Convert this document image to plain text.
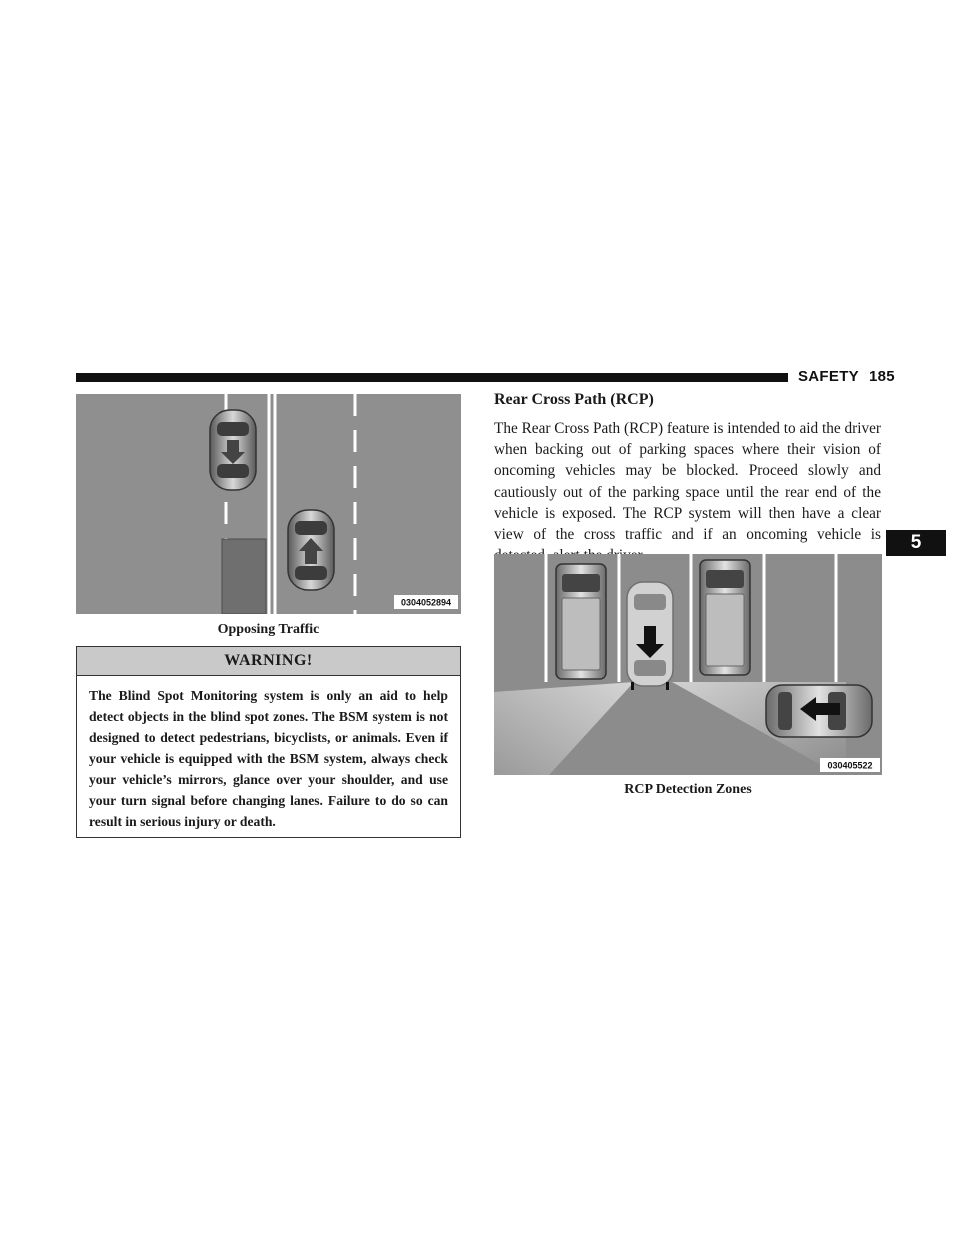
SAFETY 185
5
0304052894
Opposing Traffic
WARNING!
The Blind Spot Monitoring system is only an aid to help detect objects in the blind spot zones. The BSM system is not designed to detect pedestrians, bicyclists, or animals. Even if your vehicle is equipped with the BSM system, always check your vehicle’s mirrors, glance over your shoulder, and use your turn signal before changing lanes. Failure to do so can result in serious injury or death.
Rear Cross Path (RCP)
The Rear Cross Path (RCP) feature is intended to aid the driver when backing out of parking spaces where their vision of oncoming vehicles may be blocked. Proceed slowly and cautiously out of the parking space until the rear end of the vehicle is exposed. The RCP system will then have a clear view of the cross traffic and if an oncoming vehicle is
030405522
RCP Detection Zones
